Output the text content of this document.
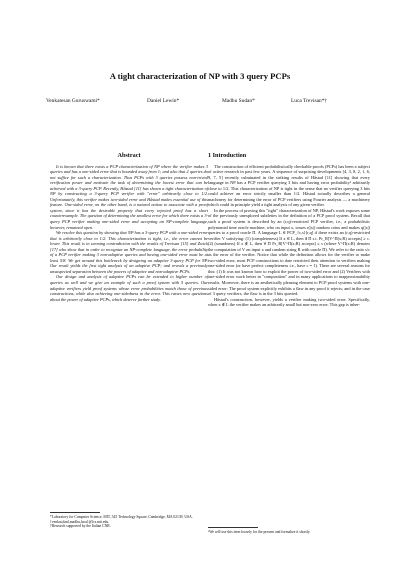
A tight characterization of NP with 3 query PCPs
Venkatesan Guruswami*	Daniel Lewin*	Madhu Sudan*	Luca Trevisan*†
Abstract

It is known that there exists a PCP characterization of NP where the verifier makes 3 queries and has a one-sided error that is bounded away from 1; and also that 2 queries do not suffice for such a characterization. Thus PCPs with 3 queries possess non-trivial verification power and motivate the task of determining the lowest error that can be achieved with a 3-query PCP. Recently, Håstad [11] has shown a tight characterization of NP by constructing a 3-query PCP verifier with "error" arbitrarily close to 1/2. Unfortunately, this verifier makes two-sided error and Håstad makes essential use of this feature. One-sided error, on the other hand, is a natural notion to associate with a proof system, since it has the desirable property that every rejected proof has a short counterexample. The question of determining the smallest error for which there exists a 3-query PCP verifier making one-sided error and accepting an NP-complete language, however, remained open.

We resolve this question by showing that NP has a 3-query PCP with a one-sided error that is arbitrarily close to 1/2. This characterization is tight, i.e., the error cannot be lower. This result is in seeming contradiction with the results of Trevisan [15] and Zwick [17] who show that in order to recognize an NP-complete language, the error probability of a PCP verifier making 3 non-adaptive queries and having one-sided error must be at least 5/8. We get around this bottleneck by designing an adaptive 3-query PCP for NP. Our result yields the first tight analysis of an adaptive PCP; and reveals a previously unsuspected separation between the powers of adaptive and non-adaptive PCPs.

Our design and analysis of adaptive PCPs can be extended to higher number of queries as well and we give an example of such a proof system with 5 queries. Our adaptive verifiers yield proof systems whose error probabilities match those of previous constructions, while also achieving one-sidedness in the error. This raises new questions about the power of adaptive PCPs, which deserve further study.

1 Introduction

The construction of efficient probabilistically checkable proofs (PCPs) has been a subject of active research in past few years. A sequence of surprising developments [4, 3, 8, 2, 1, 6, 9, 7, 5] recently culminated in the striking results of Håstad [11] showing that every language in NP has a PCP verifier querying 3 bits and having error probability¹ arbitrarily close to 1/2. This characterization of NP is tight in the sense that no verifier querying 3 bits could achieve an error strictly smaller than 1/2. Håstad actually describes a general machinery for determining the error of PCP verifiers using Fourier analysis — a machinery which could in principle yield a tight analysis of any given verifier.

In the process of proving this "tight" characterization of NP, Håstad's work exposes some of the previously unexplored subtleties in the definition of a PCP proof system. Recall that such a proof system is described by an (r,q)-restricted PCP verifier, i.e., a probabilistic polynomial time oracle machine, who on input x, tosses r(|x|) random coins and makes q(|x|) queries to a proof oracle Π. A language L ∈ PCP_{c,s}[r,q] if there exists an (r,q)-restricted verifier V satisfying: (1) (completeness) If x ∈ L, then ∃ Π s.t. Pr_R[V^Π(x;R) accepts] ≥ c. (2) (soundness) If x ∉ L, then ∀ Π Pr_R[V^Π(x;R) accepts] ≤ s (where V^Π(x;R) denotes the computation of V on input x and random string R with oracle Π). We refer to the ratio s/c as the error of the verifier. Notice that while the definition allows for the verifier to make two-sided error, most PCP constructions to date restricted their attention to verifiers making one-sided error (or have perfect completeness i.e., have c = 1). There are several reasons for this: (1) It was not known how to exploit the power of two-sided error and (2) Verifiers with one-sided error work better in "composition" and in many applications to inapproximability results. Moreover, there is an aesthetically pleasing element to PCP proof systems with one-sided error: The proof system explicitly exhibits a flaw in any proof it rejects; and in the case of 3 query verifiers, the flaw is in the 3 bits queried.

Håstad's construction, however, yields a verifier making two-sided error. Specifically, when x ∉ L the verifier makes an arbitrarily small but non-zero error. This gap is inher-

*Laboratory for Computer Science, MIT, 545 Technology Square, Cambridge, MA 02139, USA. {venkat,danl,madhu,luca}@lcs.mit.edu.

†Research supported by the Italian CNR.

¹We will use this term loosely for the present and formalize it shortly.
